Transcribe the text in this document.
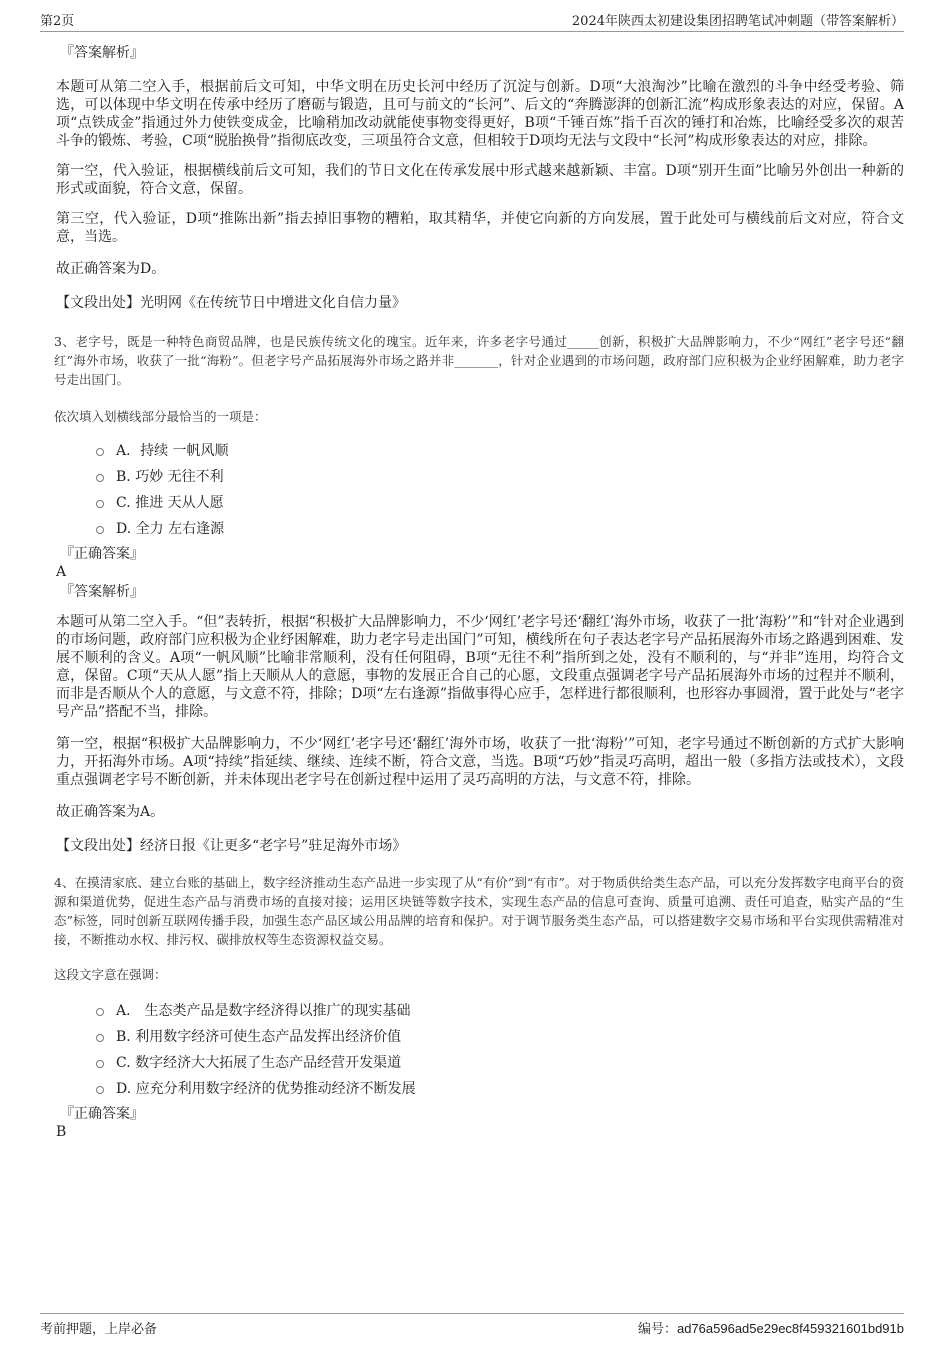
第2页	2024年陕西太初建设集团招聘笔试冲刺题（带答案解析）
『答案解析』
本题可从第二空入手，根据前后文可知，中华文明在历史长河中经历了沉淀与创新。D项“大浪淘沙”比喻在激烈的斗争中经受考验、筛选，可以体现中华文明在传承中经历了磨砺与锻造，且可与前文的“长河”、后文的“奔腾澎湃的创新汇流”构成形象表达的对应，保留。A项“点铁成金”指通过外力使铁变成金，比喻稍加改动就能使事物变得更好，B项“千锤百炼”指千百次的锤打和冶炼，比喻经受多次的艰苦斗争的锻炼、考验，C项“脱胎换骨”指彻底改变，三项虽符合文意，但相较于D项均无法与文段中“长河”构成形象表达的对应，排除。
第一空，代入验证，根据横线前后文可知，我们的节日文化在传承发展中形式越来越新颖、丰富。D项“别开生面”比喻另外创出一种新的形式或面貌，符合文意，保留。
第三空，代入验证，D项“推陈出新”指去掉旧事物的糟粕，取其精华，并使它向新的方向发展，置于此处可与横线前后文对应，符合文意，当选。
故正确答案为D。
【文段出处】光明网《在传统节日中增进文化自信力量》
3、老字号，既是一种特色商贸品牌，也是民族传统文化的瑰宝。近年来，许多老字号通过_____创新，积极扩大品牌影响力，不少“网红”老字号还“翻红”海外市场，收获了一批“海粉”。但老字号产品拓展海外市场之路并非_______，针对企业遇到的市场问题，政府部门应积极为企业纾困解难，助力老字号走出国门。
依次填入划横线部分最恰当的一项是：
A．持续 一帆风顺
B. 巧妙 无往不利
C. 推进 天从人愿
D. 全力 左右逢源
『正确答案』
A
『答案解析』
本题可从第二空入手。“但”表转折，根据“积极扩大品牌影响力，不少‘网红’老字号还‘翻红’海外市场，收获了一批‘海粉’”和“针对企业遇到的市场问题，政府部门应积极为企业纾困解难，助力老字号走出国门”可知，横线所在句子表达老字号产品拓展海外市场之路遇到困难、发展不顺利的含义。A项“一帆风顺”比喻非常顺利，没有任何阻碍，B项“无往不利”指所到之处，没有不顺利的，与“并非”连用，均符合文意，保留。C项“天从人愿”指上天顺从人的意愿，事物的发展正合自己的心愿，文段重点强调老字号产品拓展海外市场的过程并不顺利，而非是否顺从个人的意愿，与文意不符，排除；D项“左右逢源”指做事得心应手，怎样进行都很顺利，也形容办事圆滑，置于此处与“老字号产品”搭配不当，排除。
第一空，根据“积极扩大品牌影响力，不少‘网红’老字号还‘翻红’海外市场，收获了一批‘海粉’”可知，老字号通过不断创新的方式扩大影响力，开拓海外市场。A项“持续”指延续、继续、连续不断，符合文意，当选。B项“巧妙”指灵巧高明，超出一般（多指方法或技术），文段重点强调老字号不断创新，并未体现出老字号在创新过程中运用了灵巧高明的方法，与文意不符，排除。
故正确答案为A。
【文段出处】经济日报《让更多“老字号”驻足海外市场》
4、在摸清家底、建立台账的基础上，数字经济推动生态产品进一步实现了从“有价”到“有市”。对于物质供给类生态产品，可以充分发挥数字电商平台的资源和渠道优势，促进生态产品与消费市场的直接对接；运用区块链等数字技术，实现生态产品的信息可查询、质量可追溯、责任可追查，贴实产品的“生态”标签，同时创新互联网传播手段，加强生态产品区域公用品牌的培育和保护。对于调节服务类生态产品，可以搭建数字交易市场和平台实现供需精准对接，不断推动水权、排污权、碳排放权等生态资源权益交易。
这段文字意在强调：
A． 生态类产品是数字经济得以推广的现实基础
B. 利用数字经济可使生态产品发挥出经济价值
C. 数字经济大大拓展了生态产品经营开发渠道
D. 应充分利用数字经济的优势推动经济不断发展
『正确答案』
B
考前押题，上岸必备	编号：ad76a596ad5e29ec8f459321601bd91b
